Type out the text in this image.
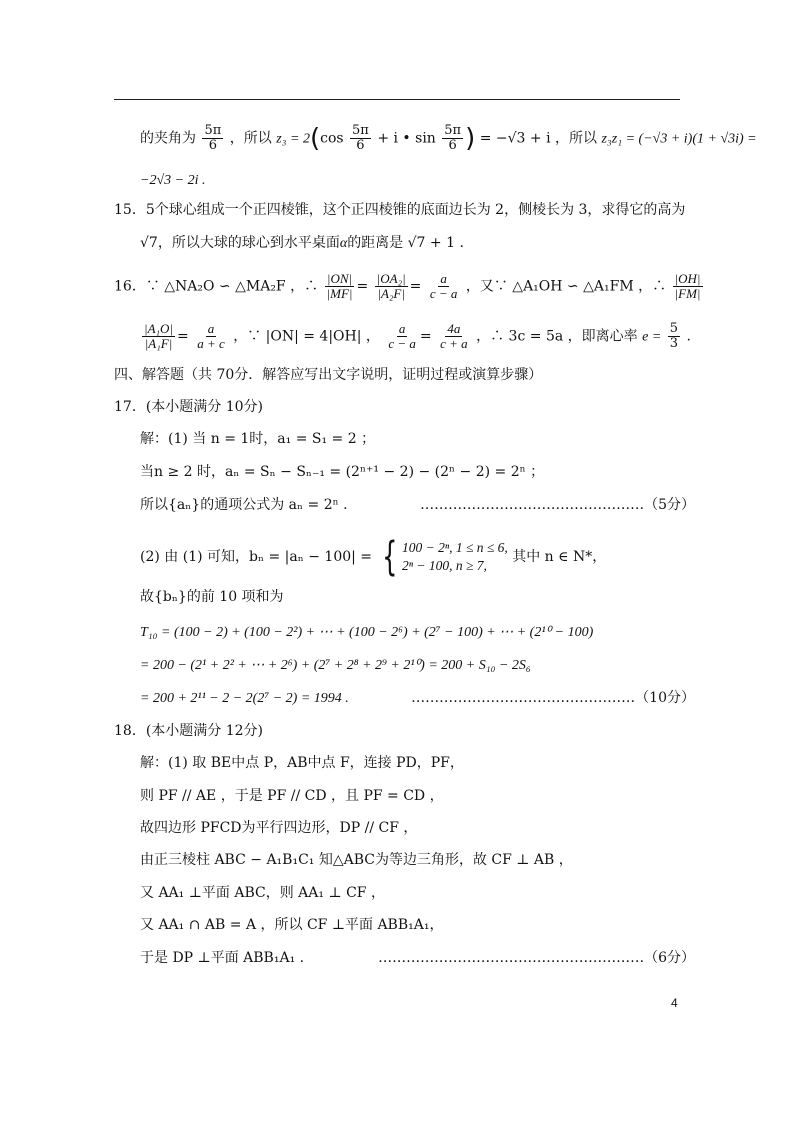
的夹角为 $\frac{5\pi}{6}$ ，所以 $z_3 = 2(\cos \frac{5\pi}{6} + i$ • $\sin \frac{5\pi}{6}$ ) = −√3 + i ，所以 z₃z₁ = (−√3 + i)(1 + √3i) =
−2√3 − 2i .
15．5个球心组成一个正四棱锥，这个正四棱锥的底面边长为 2，侧棱长为 3，求得它的高为
√7，所以大球的球心到水平桌面α的距离是 √7 + 1 .
16．∵ △NA₂O ∽ △MA₂F ，∴ $\frac{|ON|}{|MF|} = \frac{\text{|OA₂|}}{\text{|A₂F|}} = \frac{a}{c - a}$ ，又∵ △A₁OH ∽ △A₁FM ，∴ $\frac{|OH|}{|FM|}$
$\frac{\text{|A₁O|}}{\text{|A₁F|}} = \frac{a}{a + c}$ ，∵ |ON| = 4|OH| ， $\frac{a}{c - a} = \frac{4a}{c + a}$ ，∴ 3c = 5a ，即离心率 $e = \frac{5}{3}$ .
四、解答题（共 70分．解答应写出文字说明，证明过程或演算步骤）
17．(本小题满分 10分)
解：(1) 当 n = 1时，a₁ = S₁ = 2 ；
当n ≥ 2 时，aₙ = Sₙ − Sₙ₋₁ = (2ⁿ⁺¹ − 2) − (2ⁿ − 2) = 2ⁿ ；
所以{aₙ}的通项公式为 aₙ = 2ⁿ .	…………………………………………（5分）
(2) 由 (1) 可知，bₙ = |aₙ − 100| = { 100 − 2ⁿ, 1 ≤ n ≤ 6,
2ⁿ − 100, n ≥ 7,
其中 n ∈ N*，
故{bₙ}的前 10 项和为
T₁₀ = (100 − 2) + (100 − 2²) + ⋯ + (100 − 2⁶) + (2⁷ − 100) + ⋯ + (2¹⁰ − 100)
= 200 − (2¹ + 2² + ⋯ + 2⁶) + (2⁷ + 2⁸ + 2⁹ + 2¹⁰) = 200 + S₁₀ − 2S₆
= 200 + 2¹¹ − 2 − 2(2⁷ − 2) = 1994 .	…………………………………………（10分）
18．(本小题满分 12分)
解：(1) 取 BE中点 P，AB中点 F，连接 PD，PF，
则 PF // AE ，于是 PF // CD ，且 PF = CD ，
故四边形 PFCD为平行四边形，DP // CF ，
由正三棱柱 ABC − A₁B₁C₁ 知△ABC为等边三角形，故 CF ⊥ AB ，
又 AA₁ ⊥平面 ABC，则 AA₁ ⊥ CF ，
又 AA₁ ∩ AB = A ，所以 CF ⊥平面 ABB₁A₁，
于是 DP ⊥平面 ABB₁A₁ .	…………………………………………………（6分）
4
